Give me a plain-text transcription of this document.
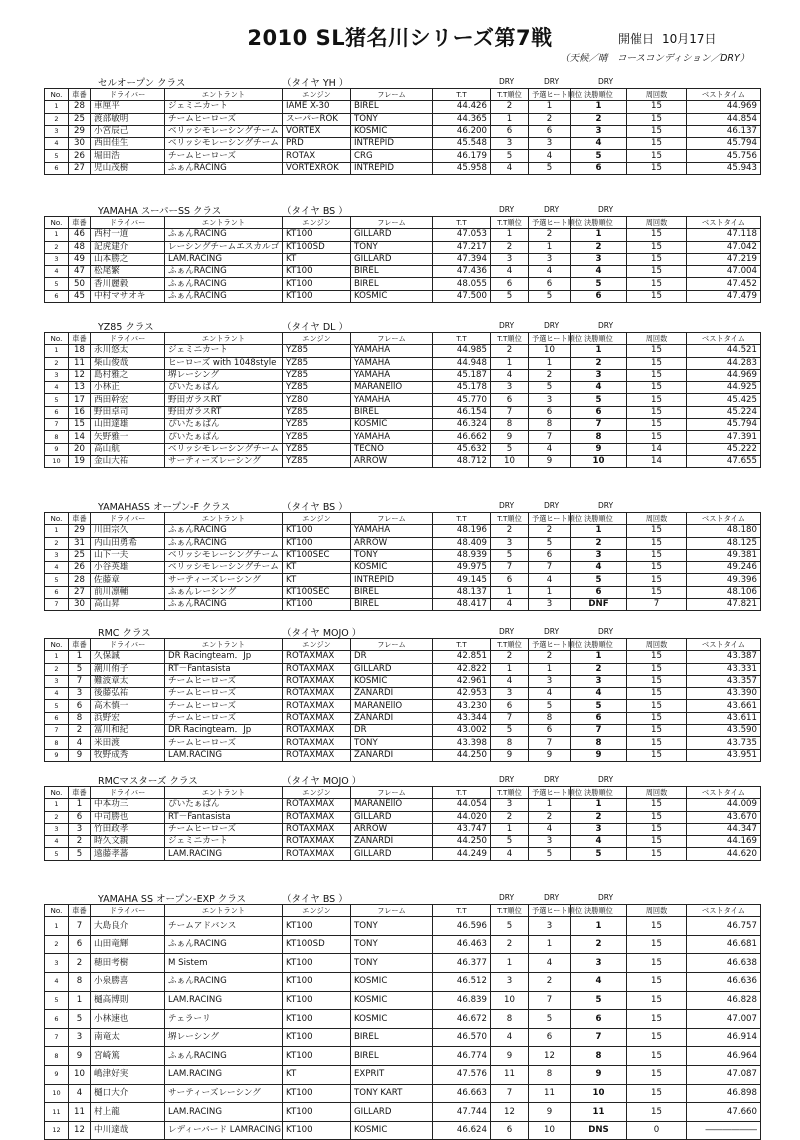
2010 SL猪名川シリーズ第7戦	開催日 10月17日
（天候／晴　コースコンディション／DRY）
セルオープン クラス	（タイヤ YH ）	DRY	DRY	DRY
No.	車番	ドライバー	エントラント	エンジン	フレーム	T.T	T.T順位	予選ヒート順位	決勝順位	周回数	ベストタイム
1	28	車厘平	ジェミニカート	IAME X-30	BIREL	44.426	2	1	1	15	44.969
2	25	渡部敏明	チームヒーローズ	スーパーROK	TONY	44.365	1	2	2	15	44.854
3	29	小宮辰己	ベリッシモレーシングチーム	VORTEX	KOSMIC	46.200	6	6	3	15	46.137
4	30	西田佳生	ベリッシモレーシングチーム	PRD	INTREPID	45.548	3	3	4	15	45.794
5	26	堀田浩	チームヒーローズ	ROTAX	CRG	46.179	5	4	5	15	45.756
6	27	児山茂樹	ふぁんRACING	VORTEXROK	INTREPID	45.958	4	5	6	15	45.943
YAMAHA スーパーSS クラス	（タイヤ BS ）	DRY	DRY	DRY
No.	車番	ドライバー	エントラント	エンジン	フレーム	T.T	T.T順位	予選ヒート順位	決勝順位	周回数	ベストタイム
1	46	西村一道	ふぁんRACING	KT100	GILLARD	47.053	1	2	1	15	47.118
2	48	記虎建介	レーシングチームエスカルゴ	KT100SD	TONY	47.217	2	1	2	15	47.042
3	49	山本勝之	LAM.RACING	KT	GILLARD	47.394	3	3	3	15	47.219
4	47	松尾繁	ふぁんRACING	KT100	BIREL	47.436	4	4	4	15	47.004
5	50	香川麗毅	ふぁんRACING	KT100	BIREL	48.055	6	6	5	15	47.452
6	45	中村マサオキ	ふぁんRACING	KT100	KOSMIC	47.500	5	5	6	15	47.479
YZ85 クラス	（タイヤ DL ）	DRY	DRY	DRY
No.	車番	ドライバー	エントラント	エンジン	フレーム	T.T	T.T順位	予選ヒート順位	決勝順位	周回数	ベストタイム
1	18	永川悠太	ジェミニカート	YZ85	YAMAHA	44.985	2	10	1	15	44.521
2	11	柴山俊哉	ヒーローズ with 1048style	YZ85	YAMAHA	44.948	1	1	2	15	44.283
3	12	島村雅之	堺レーシング	YZ85	YAMAHA	45.187	4	2	3	15	44.969
4	13	小林正	ぴいたぁぱん	YZ85	MARANEllO	45.178	3	5	4	15	44.925
5	17	西田幹宏	野田ガラスRT	YZ80	YAMAHA	45.770	6	3	5	15	45.425
6	16	野田卓司	野田ガラスRT	YZ85	BIREL	46.154	7	6	6	15	45.224
7	15	山田達雄	ぴいたぁぱん	YZ85	KOSMIC	46.324	8	8	7	15	45.794
8	14	矢野雅一	ぴいたぁぱん	YZ85	YAMAHA	46.662	9	7	8	15	47.391
9	20	高山航	ベリッシモレーシングチーム	YZ85	TECNO	45.632	5	4	9	14	45.222
10	19	金山大祐	サーティーズレーシング	YZ85	ARROW	48.712	10	9	10	14	47.655
YAMAHASS オープン-F クラス	（タイヤ BS ）	DRY	DRY	DRY
No.	車番	ドライバー	エントラント	エンジン	フレーム	T.T	T.T順位	予選ヒート順位	決勝順位	周回数	ベストタイム
1	29	川田宗久	ふぁんRACING	KT100	YAMAHA	48.196	2	2	1	15	48.180
2	31	内山田勇希	ふぁんRACING	KT100	ARROW	48.409	3	5	2	15	48.125
3	25	山下一夫	ベリッシモレーシングチーム	KT100SEC	TONY	48.939	5	6	3	15	49.381
4	26	小谷英雄	ベリッシモレーシングチーム	KT	KOSMIC	49.975	7	7	4	15	49.246
5	28	佐藤章	サーティーズレーシング	KT	INTREPID	49.145	6	4	5	15	49.396
6	27	前川凛輔	ふぁんレーシング	KT100SEC	BIREL	48.137	1	1	6	15	48.106
7	30	高山昇	ふぁんRACING	KT100	BIREL	48.417	4	3	DNF	7	47.821
RMC クラス	（タイヤ MOJO ）	DRY	DRY	DRY
No.	車番	ドライバー	エントラント	エンジン	フレーム	T.T	T.T順位	予選ヒート順位	決勝順位	周回数	ベストタイム
1	1	久保誠	DR Racingteam．Jp	ROTAXMAX	DR	42.851	2	2	1	15	43.387
2	5	潮川侑子	RT－Fantasista	ROTAXMAX	GILLARD	42.822	1	1	2	15	43.331
3	7	難波章太	チームヒーローズ	ROTAXMAX	KOSMIC	42.961	4	3	3	15	43.357
4	3	後藤弘祐	チームヒーローズ	ROTAXMAX	ZANARDI	42.953	3	4	4	15	43.390
5	6	高木慎一	チームヒーローズ	ROTAXMAX	MARANEllO	43.230	6	5	5	15	43.661
6	8	浜野宏	チームヒーローズ	ROTAXMAX	ZANARDI	43.344	7	8	6	15	43.611
7	2	冨川和紀	DR Racingteam．Jp	ROTAXMAX	DR	43.002	5	6	7	15	43.590
8	4	米田渡	チームヒーローズ	ROTAXMAX	TONY	43.398	8	7	8	15	43.735
9	9	牧野成秀	LAM.RACING	ROTAXMAX	ZANARDI	44.250	9	9	9	15	43.951
RMCマスターズ クラス	（タイヤ MOJO ）	DRY	DRY	DRY
No.	車番	ドライバー	エントラント	エンジン	フレーム	T.T	T.T順位	予選ヒート順位	決勝順位	周回数	ベストタイム
1	1	中本功三	ぴいたぁぱん	ROTAXMAX	MARANEllO	44.054	3	1	1	15	44.009
2	6	中司勝也	RT－Fantasista	ROTAXMAX	GILLARD	44.020	2	2	2	15	43.670
3	3	竹田政孝	チームヒーローズ	ROTAXMAX	ARROW	43.747	1	4	3	15	44.347
4	2	時久文親	ジェミニカート	ROTAXMAX	ZANARDI	44.250	5	3	4	15	44.169
5	5	遠藤孝蕃	LAM.RACING	ROTAXMAX	GILLARD	44.249	4	5	5	15	44.620
YAMAHA SS オープン-EXP クラス	（タイヤ BS ）	DRY	DRY	DRY
No.	車番	ドライバー	エントラント	エンジン	フレーム	T.T	T.T順位	予選ヒート順位	決勝順位	周回数	ベストタイム
1	7	大島良介	チームアドバンス	KT100	TONY	46.596	5	3	1	15	46.757
2	6	山田竜輝	ふぁんRACING	KT100SD	TONY	46.463	2	1	2	15	46.681
3	2	穂田考樹	M Sistem	KT100	TONY	46.377	1	4	3	15	46.638
4	8	小泉勝喜	ふぁんRACING	KT100	KOSMIC	46.512	3	2	4	15	46.636
5	1	樋高博則	LAM.RACING	KT100	KOSMIC	46.839	10	7	5	15	46.828
6	5	小林速也	テェラーリ	KT100	KOSMIC	46.672	8	5	6	15	47.007
7	3	南竜太	堺レーシング	KT100	BIREL	46.570	4	6	7	15	46.914
8	9	宮崎篤	ふぁんRACING	KT100	BIREL	46.774	9	12	8	15	46.964
9	10	嶋津好実	LAM.RACING	KT	EXPRIT	47.576	11	8	9	15	47.087
10	4	樋口大介	サーティーズレーシング	KT100	TONY KART	46.663	7	11	10	15	46.898
11	11	村上龍	LAM.RACING	KT100	GILLARD	47.744	12	9	11	15	47.660
12	12	中川達哉	レディーバード LAMRACING	KT100	KOSMIC	46.624	6	10	DNS	0	――――――
